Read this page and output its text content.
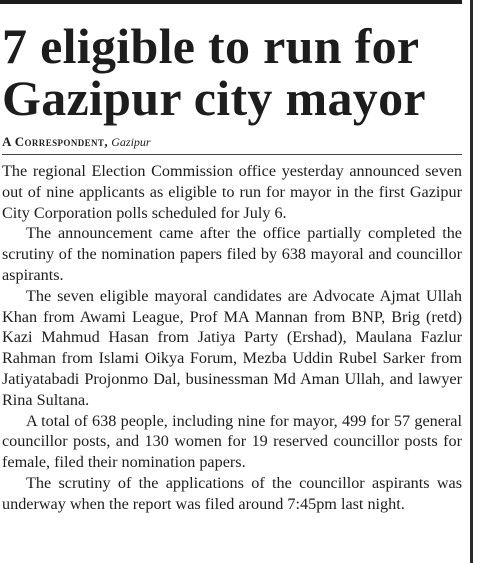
7 eligible to run for
Gazipur city mayor
A Correspondent, Gazipur

The regional Election Commission office yesterday announced seven out of nine applicants as eligible to run for mayor in the first Gazipur City Corporation polls scheduled for July 6.

The announcement came after the office partially completed the scrutiny of the nomination papers filed by 638 mayoral and councillor aspirants.

The seven eligible mayoral candidates are Advocate Ajmat Ullah Khan from Awami League, Prof MA Mannan from BNP, Brig (retd) Kazi Mahmud Hasan from Jatiya Party (Ershad), Maulana Fazlur Rahman from Islami Oikya Forum, Mezba Uddin Rubel Sarker from Jatiyatabadi Projonmo Dal, businessman Md Aman Ullah, and lawyer Rina Sultana.

A total of 638 people, including nine for mayor, 499 for 57 general councillor posts, and 130 women for 19 reserved councillor posts for female, filed their nomination papers.

The scrutiny of the applications of the councillor aspirants was underway when the report was filed around 7:45pm last night.
